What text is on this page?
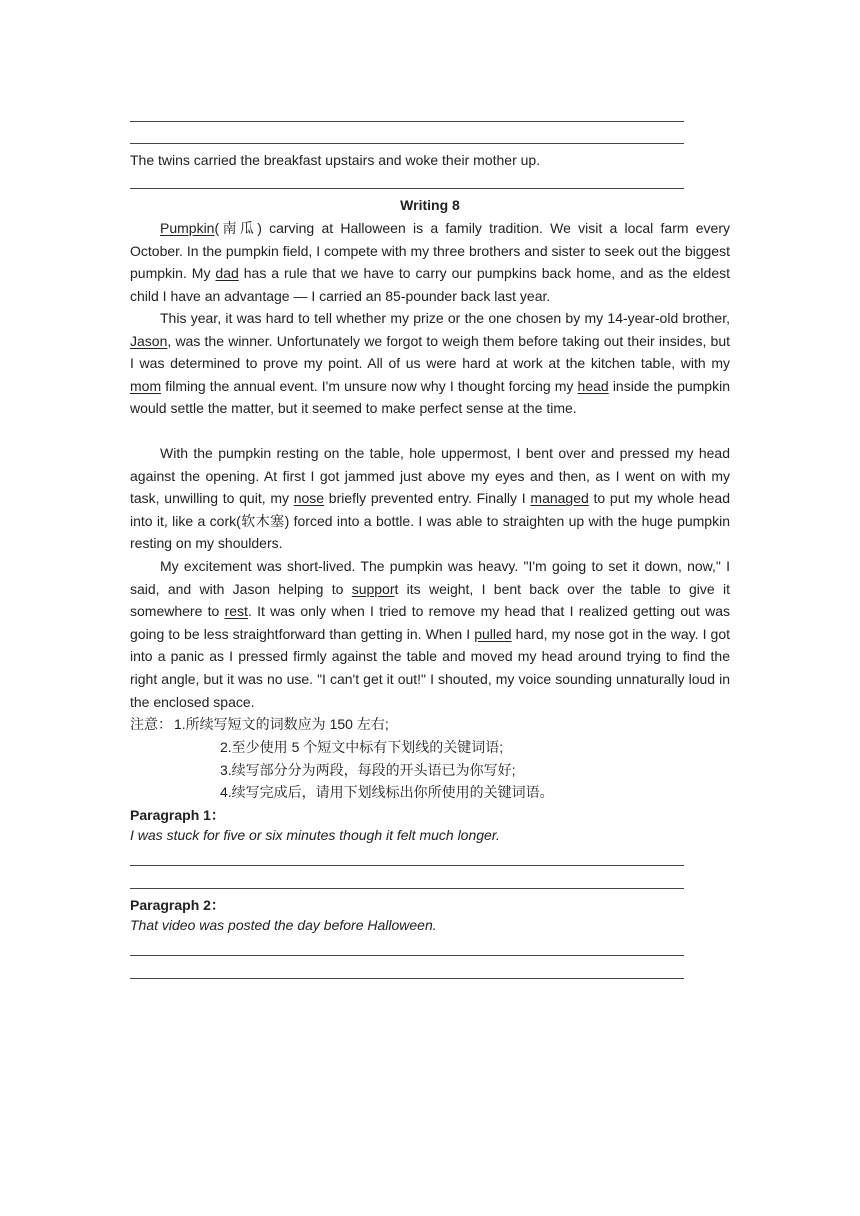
The twins carried the breakfast upstairs and woke their mother up.
Writing 8

Pumpkin(南瓜) carving at Halloween is a family tradition. We visit a local farm every October. In the pumpkin field, I compete with my three brothers and sister to seek out the biggest pumpkin. My dad has a rule that we have to carry our pumpkins back home, and as the eldest child I have an advantage — I carried an 85-pounder back last year.

This year, it was hard to tell whether my prize or the one chosen by my 14-year-old brother, Jason, was the winner. Unfortunately we forgot to weigh them before taking out their insides, but I was determined to prove my point. All of us were hard at work at the kitchen table, with my mom filming the annual event. I'm unsure now why I thought forcing my head inside the pumpkin would settle the matter, but it seemed to make perfect sense at the time.

With the pumpkin resting on the table, hole uppermost, I bent over and pressed my head against the opening. At first I got jammed just above my eyes and then, as I went on with my task, unwilling to quit, my nose briefly prevented entry. Finally I managed to put my whole head into it, like a cork(软木塞) forced into a bottle. I was able to straighten up with the huge pumpkin resting on my shoulders.

My excitement was short-lived. The pumpkin was heavy. "I'm going to set it down, now," I said, and with Jason helping to support its weight, I bent back over the table to give it somewhere to rest. It was only when I tried to remove my head that I realized getting out was going to be less straightforward than getting in. When I pulled hard, my nose got in the way. I got into a panic as I pressed firmly against the table and moved my head around trying to find the right angle, but it was no use. "I can't get it out!" I shouted, my voice sounding unnaturally loud in the enclosed space.

注意： 1.所续写短文的词数应为 150 左右;
2.至少使用 5 个短文中标有下划线的关键词语;
3.续写部分分为两段，每段的开头语已为你写好;
4.续写完成后，请用下划线标出你所使用的关键词语。
Paragraph 1：
I was stuck for five or six minutes though it felt much longer.
Paragraph 2：
That video was posted the day before Halloween.
